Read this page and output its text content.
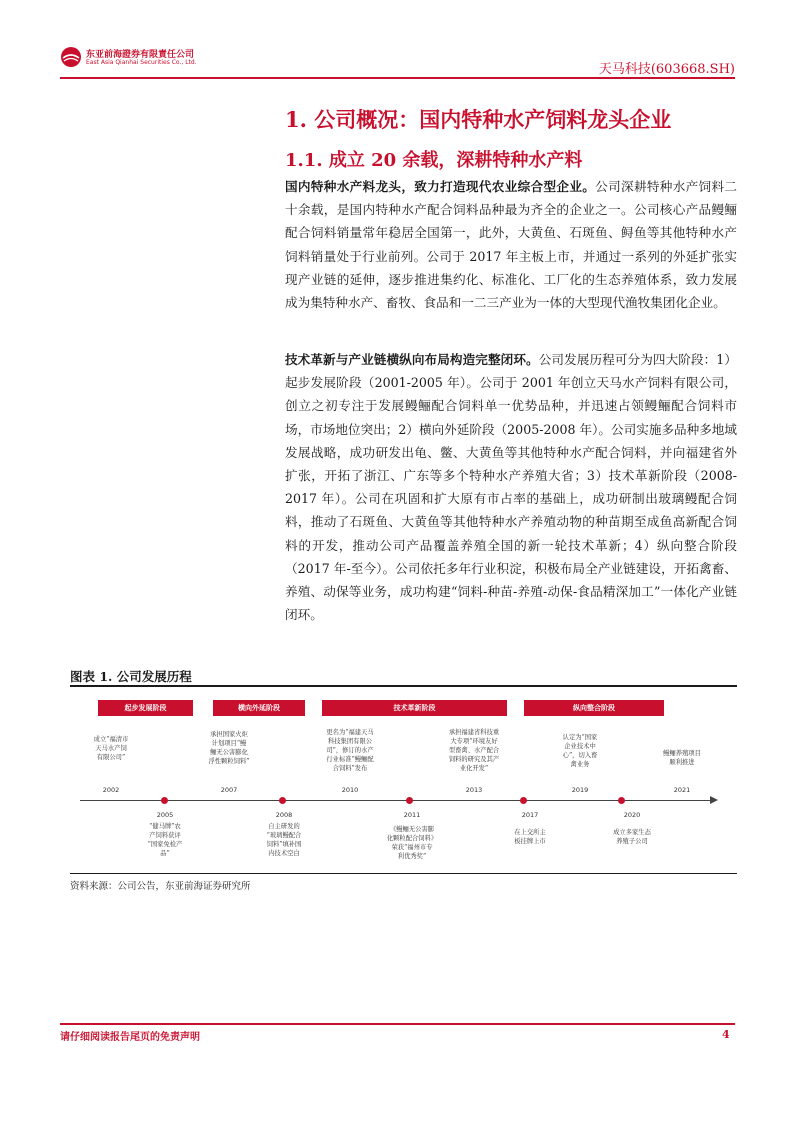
东亚前海證券有限責任公司
East Asia Qianhai Securities Co., Ltd.	天马科技(603668.SH)
1. 公司概况：国内特种水产饲料龙头企业
1.1. 成立 20 余载，深耕特种水产料
国内特种水产料龙头，致力打造现代农业综合型企业。公司深耕特种水产饲料二十余载，是国内特种水产配合饲料品种最为齐全的企业之一。公司核心产品鳗鲡配合饲料销量常年稳居全国第一，此外，大黄鱼、石斑鱼、鲟鱼等其他特种水产饲料销量处于行业前列。公司于 2017 年主板上市，并通过一系列的外延扩张实现产业链的延伸，逐步推进集约化、标准化、工厂化的生态养殖体系，致力发展成为集特种水产、畜牧、食品和一二三产业为一体的大型现代渔牧集团化企业。
技术革新与产业链横纵向布局构造完整闭环。公司发展历程可分为四大阶段：1）起步发展阶段（2001-2005 年）。公司于 2001 年创立天马水产饲料有限公司，创立之初专注于发展鳗鲡配合饲料单一优势品种，并迅速占领鳗鲡配合饲料市场，市场地位突出；2）横向外延阶段（2005-2008 年）。公司实施多品种多地域发展战略，成功研发出龟、鳖、大黄鱼等其他特种水产配合饲料，并向福建省外扩张，开拓了浙江、广东等多个特种水产养殖大省；3）技术革新阶段（2008-2017 年）。公司在巩固和扩大原有市占率的基础上，成功研制出玻璃鳗配合饲料，推动了石斑鱼、大黄鱼等其他特种水产养殖动物的种苗期至成鱼高新配合饲料的开发，推动公司产品覆盖养殖全国的新一轮技术革新；4）纵向整合阶段（2017 年-至今）。公司依托多年行业积淀，积极布局全产业链建设，开拓禽畜、养殖、动保等业务，成功构建“饲料-种苗-养殖-动保-食品精深加工”一体化产业链闭环。
图表 1. 公司发展历程
起步发展阶段	横向外延阶段	技术革新阶段	纵向整合阶段
2002	2007	2010	2013	2019	2021
2005	2008	2011	2017	2020
成立“福清市
天马水产饲
有限公司”
承担国家火炬
计划项目“鳗
鲡无公害膨化
浮性颗粒饲料”
更名为“福建天马
科技集团有限公
司”，修订的水产
行业标准“鳗鲡配
合饲料”发布
承担福建省科技重
大专项“环境友好
型畜禽、水产配合
饲料的研究及其产
业化开发”
认定为“国家
企业技术中
心”，切入畜
禽业务
鳗鲡养殖项目
顺利推进
“健马牌”农
产饲料获评
“国家免检产
品”
自主研发的
“玻璃鳗配合
饲料”填补国
内技术空白
《鳗鲡无公害膨
化颗粒配合饲料》
荣获“福州市专
利优秀奖”
在上交所主
板挂牌上市
成立多家生态
养殖子公司
资料来源：公司公告，东亚前海证券研究所
请仔细阅读报告尾页的免责声明	4
